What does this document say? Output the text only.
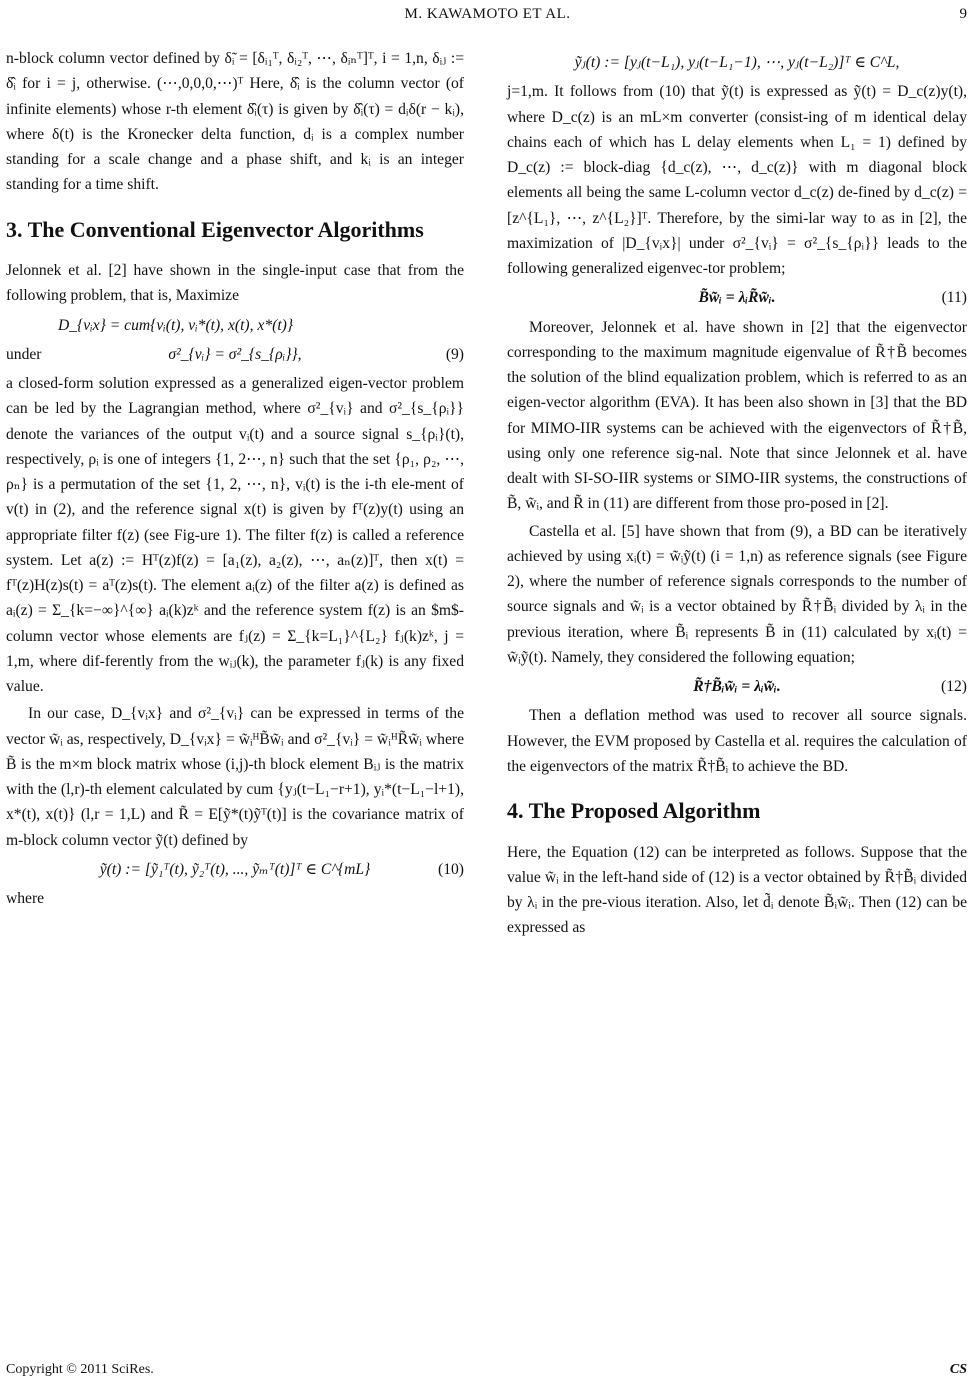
M. KAWAMOTO ET AL.	9

n-block column vector defined by δ̃ᵢ = [δᵢ₁ᵀ, δᵢ₂ᵀ, ⋯, δᵢₙᵀ]ᵀ, i = 1,n, δᵢⱼ := δ̂ᵢ for i = j, otherwise. (⋯,0,0,0,⋯)ᵀ Here, δ̂ᵢ is the column vector (of infinite elements) whose r-th element δ̂ᵢ(τ) is given by δ̂ᵢ(τ) = dᵢδ(r − kᵢ), where δ(t) is the Kronecker delta function, dᵢ is a complex number standing for a scale change and a phase shift, and kᵢ is an integer standing for a time shift.

3. The Conventional Eigenvector Algorithms

Jelonnek et al. [2] have shown in the single-input case that from the following problem, that is, Maximize

D_{vᵢx} = cum{vᵢ(t), vᵢ*(t), x(t), x*(t)}
under	σ²_{vᵢ} = σ²_{s_{ρᵢ}},	(9)

a closed-form solution expressed as a generalized eigen-vector problem can be led by the Lagrangian method, where σ²_{vᵢ} and σ²_{s_{ρᵢ}} denote the variances of the output vᵢ(t) and a source signal s_{ρᵢ}(t), respectively, ρᵢ is one of integers {1, 2⋯, n} such that the set {ρ₁, ρ₂, ⋯, ρₙ} is a permutation of the set {1, 2, ⋯, n}, vᵢ(t) is the i-th ele-ment of v(t) in (2), and the reference signal x(t) is given by fᵀ(z)y(t) using an appropriate filter f(z) (see Fig-ure 1). The filter f(z) is called a reference system. Let a(z) := Hᵀ(z)f(z) = [a₁(z), a₂(z), ⋯, aₙ(z)]ᵀ, then x(t) = fᵀ(z)H(z)s(t) = aᵀ(z)s(t). The element aᵢ(z) of the filter a(z) is defined as aᵢ(z) = Σ_{k=−∞}^{∞} aᵢ(k)zᵏ and the reference system f(z) is an $m$-column vector whose elements are fⱼ(z) = Σ_{k=L₁}^{L₂} fⱼ(k)zᵏ, j = 1,m, where dif-ferently from the wᵢⱼ(k), the parameter fⱼ(k) is any fixed value.

In our case, D_{vᵢx} and σ²_{vᵢ} can be expressed in terms of the vector w̃ᵢ as, respectively, D_{vᵢx} = w̃ᵢᴴB̃w̃ᵢ and σ²_{vᵢ} = w̃ᵢᴴR̃w̃ᵢ where B̃ is the m×m block matrix whose (i,j)-th block element Bᵢⱼ is the matrix with the (l,r)-th element calculated by cum {yⱼ(t−L₁−r+1), yᵢ*(t−L₁−l+1), x*(t), x(t)} (l,r = 1,L) and R̃ = E[ỹ*(t)ỹᵀ(t)] is the covariance matrix of m-block column vector ỹ(t) defined by

ỹ(t) := [ỹ₁ᵀ(t), ỹ₂ᵀ(t), ..., ỹₘᵀ(t)]ᵀ ∈ C^{mL}	(10)

where

ỹⱼ(t) := [yⱼ(t−L₁), yⱼ(t−L₁−1), ⋯, yⱼ(t−L₂)]ᵀ ∈ C^L,

j=1,m. It follows from (10) that ỹ(t) is expressed as ỹ(t) = D_c(z)y(t), where D_c(z) is an mL×m converter (consist-ing of m identical delay chains each of which has L delay elements when L₁ = 1) defined by D_c(z) := block-diag {d_c(z), ⋯, d_c(z)} with m diagonal block elements all being the same L-column vector d_c(z) de-fined by d_c(z) = [z^{L₁}, ⋯, z^{L₂}]ᵀ. Therefore, by the simi-lar way to as in [2], the maximization of |D_{vᵢx}| under σ²_{vᵢ} = σ²_{s_{ρᵢ}} leads to the following generalized eigenvec-tor problem;

B̃w̃ᵢ = λᵢR̃w̃ᵢ.	(11)

Moreover, Jelonnek et al. have shown in [2] that the eigenvector corresponding to the maximum magnitude eigenvalue of R̃†B̃ becomes the solution of the blind equalization problem, which is referred to as an eigen-vector algorithm (EVA). It has been also shown in [3] that the BD for MIMO-IIR systems can be achieved with the eigenvectors of R̃†B̃, using only one reference sig-nal. Note that since Jelonnek et al. have dealt with SI-SO-IIR systems or SIMO-IIR systems, the constructions of B̃, w̃ᵢ, and R̃ in (11) are different from those pro-posed in [2].

Castella et al. [5] have shown that from (9), a BD can be iteratively achieved by using xᵢ(t) = w̃ᵢỹ(t) (i = 1,n) as reference signals (see Figure 2), where the number of reference signals corresponds to the number of source signals and w̃ᵢ is a vector obtained by R̃†B̃ᵢ divided by λᵢ in the previous iteration, where B̃ᵢ represents B̃ in (11) calculated by xᵢ(t) = w̃ᵢỹ(t). Namely, they considered the following equation;

R̃†B̃ᵢw̃ᵢ = λᵢw̃ᵢ.	(12)

Then a deflation method was used to recover all source signals. However, the EVM proposed by Castella et al. requires the calculation of the eigenvectors of the matrix R̃†B̃ᵢ to achieve the BD.

4. The Proposed Algorithm

Here, the Equation (12) can be interpreted as follows. Suppose that the value w̃ᵢ in the left-hand side of (12) is a vector obtained by R̃†B̃ᵢ divided by λᵢ in the pre-vious iteration. Also, let d̃ᵢ denote B̃ᵢw̃ᵢ. Then (12) can be expressed as

Copyright © 2011 SciRes.	CS
